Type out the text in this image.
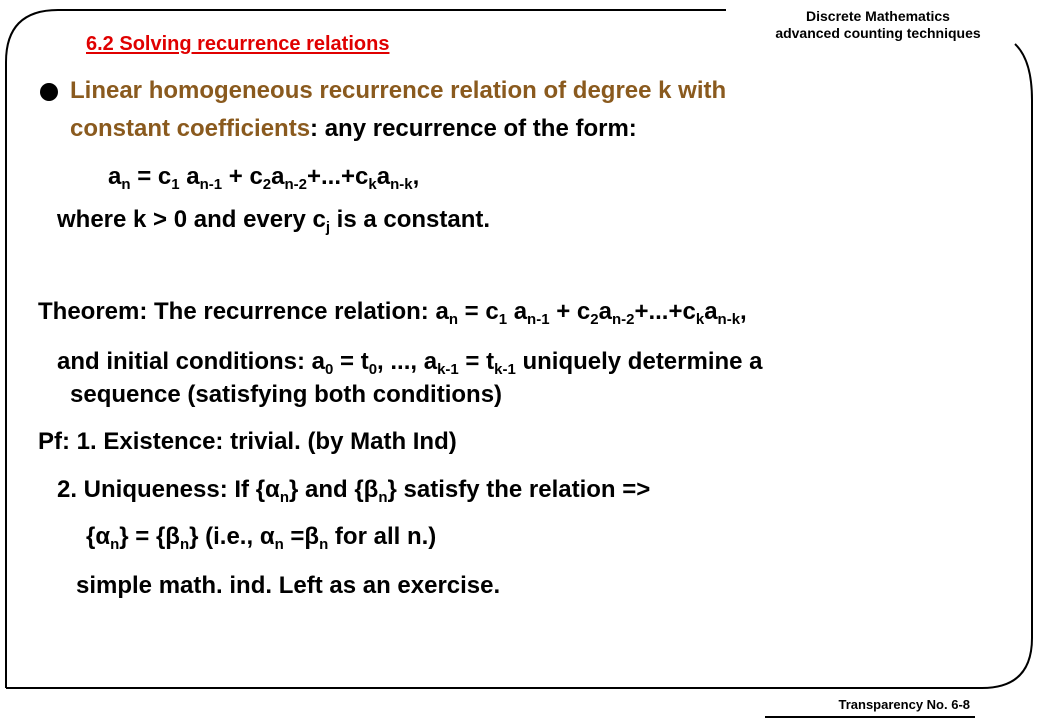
Discrete Mathematics
advanced counting techniques
6.2 Solving recurrence relations
Linear homogeneous recurrence relation of degree k with
constant coefficients: any recurrence of the form:
$a_n = c_1$ $a_{n-1} + c_2a_{n-2}+...+c_ka_{n-k}$,
where k > 0 and every $c_j$ is a constant.
Theorem: The recurrence relation: $a_n = c_1$ $a_{n-1} + c_2a_{n-2}+...+c_ka_{n-k}$,
and initial conditions: $a_0 = t_0$, ..., $a_{k-1} = t_{k-1}$ uniquely determine a
sequence (satisfying both conditions)
Pf: 1. Existence: trivial. (by Math Ind)
2. Uniqueness: If $\{\alpha_n\}$ and $\{\beta_n\}$ satisfy the relation =>
$\{\alpha_n\} = \{\beta_n\}$ (i.e., $\alpha_n =\beta_n$ for all n.)
simple math. ind. Left as an exercise.
Transparency No. 6-8
